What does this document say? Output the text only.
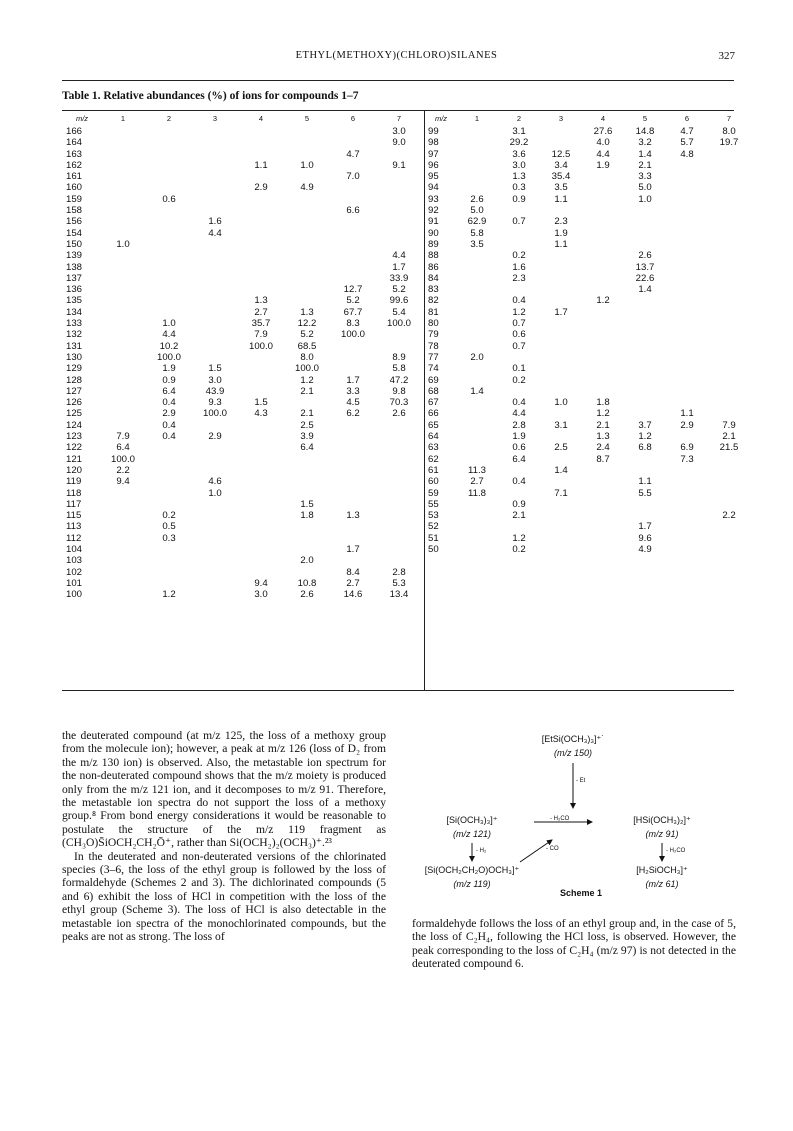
ETHYL(METHOXY)(CHLORO)SILANES	327
Table 1. Relative abundances (%) of ions for compounds 1–7
m/z	1	2	3	4	5	6	7
166							3.0
164							9.0
163						4.7	
162				1.1	1.0		9.1
161						7.0	
160				2.9	4.9		
159		0.6					
158						6.6	
156			1.6				
154			4.4				
150	1.0						
139							4.4
138							1.7
137							33.9
136						12.7	5.2
135				1.3		5.2	99.6
134				2.7	1.3	67.7	5.4
133		1.0		35.7	12.2	8.3	100.0
132		4.4		7.9	5.2	100.0	
131		10.2		100.0	68.5		
130		100.0			8.0		8.9
129		1.9	1.5		100.0		5.8
128		0.9	3.0		1.2	1.7	47.2
127		6.4	43.9		2.1	3.3	9.8
126		0.4	9.3	1.5		4.5	70.3
125		2.9	100.0	4.3	2.1	6.2	2.6
124		0.4			2.5		
123	7.9	0.4	2.9		3.9		
122	6.4				6.4		
121	100.0						
120	2.2						
119	9.4		4.6				
118			1.0				
117					1.5		
115		0.2			1.8	1.3	
113		0.5					
112		0.3					
104						1.7	
103					2.0		
102						8.4	2.8
101				9.4	10.8	2.7	5.3
100		1.2		3.0	2.6	14.6	13.4
m/z	1	2	3	4	5	6	7
99		3.1		27.6	14.8	4.7	8.0
98		29.2		4.0	3.2	5.7	19.7
97		3.6	12.5	4.4	1.4	4.8	
96		3.0	3.4	1.9	2.1		
95		1.3	35.4		3.3		
94		0.3	3.5		5.0		
93	2.6	0.9	1.1		1.0		
92	5.0						
91	62.9	0.7	2.3				
90	5.8		1.9				
89	3.5		1.1				
88		0.2			2.6		
86		1.6			13.7		
84		2.3			22.6		
83					1.4		
82		0.4		1.2			
81		1.2	1.7				
80		0.7					
79		0.6					
78		0.7					
77	2.0						
74		0.1					
69		0.2					
68	1.4						
67		0.4	1.0	1.8			
66		4.4		1.2		1.1	
65		2.8	3.1	2.1	3.7	2.9	7.9
64		1.9		1.3	1.2		2.1
63		0.6	2.5	2.4	6.8	6.9	21.5
62		6.4		8.7		7.3	
61	11.3		1.4				
60	2.7	0.4			1.1		
59	11.8		7.1		5.5		
55		0.9					
53		2.1					2.2
52					1.7		
51		1.2			9.6		
50		0.2			4.9		

the deuterated compound (at m/z 125, the loss of a methoxy group from the molecule ion); however, a peak at m/z 126 (loss of D₂ from the m/z 130 ion) is observed. Also, the metastable ion spectrum for the non-deuterated compound shows that the m/z moiety is produced only from the m/z 121 ion, and it decomposes to m/z 91. Therefore, the metastable ion spectra do not support the loss of a methoxy group.⁸ From bond energy considerations it would be reasonable to postulate the structure of the m/z 119 fragment as (CH₃O)S̄iOCH₂CH₂Ō⁺, rather than Si(OCH₂)₂(OCH₃)⁺.²³

In the deuterated and non-deuterated versions of the chlorinated species (3–6, the loss of the ethyl group is followed by the loss of formaldehyde (Schemes 2 and 3). The dichlorinated compounds (5 and 6) exhibit the loss of HCl in competition with the loss of the ethyl group (Scheme 3). The loss of HCl is also detectable in the metastable ion spectra of the monochlorinated compounds, but the peaks are not as strong. The loss of

[EtSi(OCH₃)₃]⁺˙
(m/z 150)
[Si(OCH₃)₃]⁺
(m/z 121)
[HSi(OCH₃)₂]⁺
(m/z 91)
[Si(OCH₂CH₂O)OCH₃]⁺
(m/z 119)
[H₂SiOCH₃]⁺
(m/z 61)
- Et
- H₂CO
- H₂	- CO	- H₂CO
Scheme 1
formaldehyde follows the loss of an ethyl group and, in the case of 5, the loss of C₂H₄, following the HCl loss, is observed. However, the peak corresponding to the loss of C₂H₄ (m/z 97) is not detected in the deuterated compound 6.
